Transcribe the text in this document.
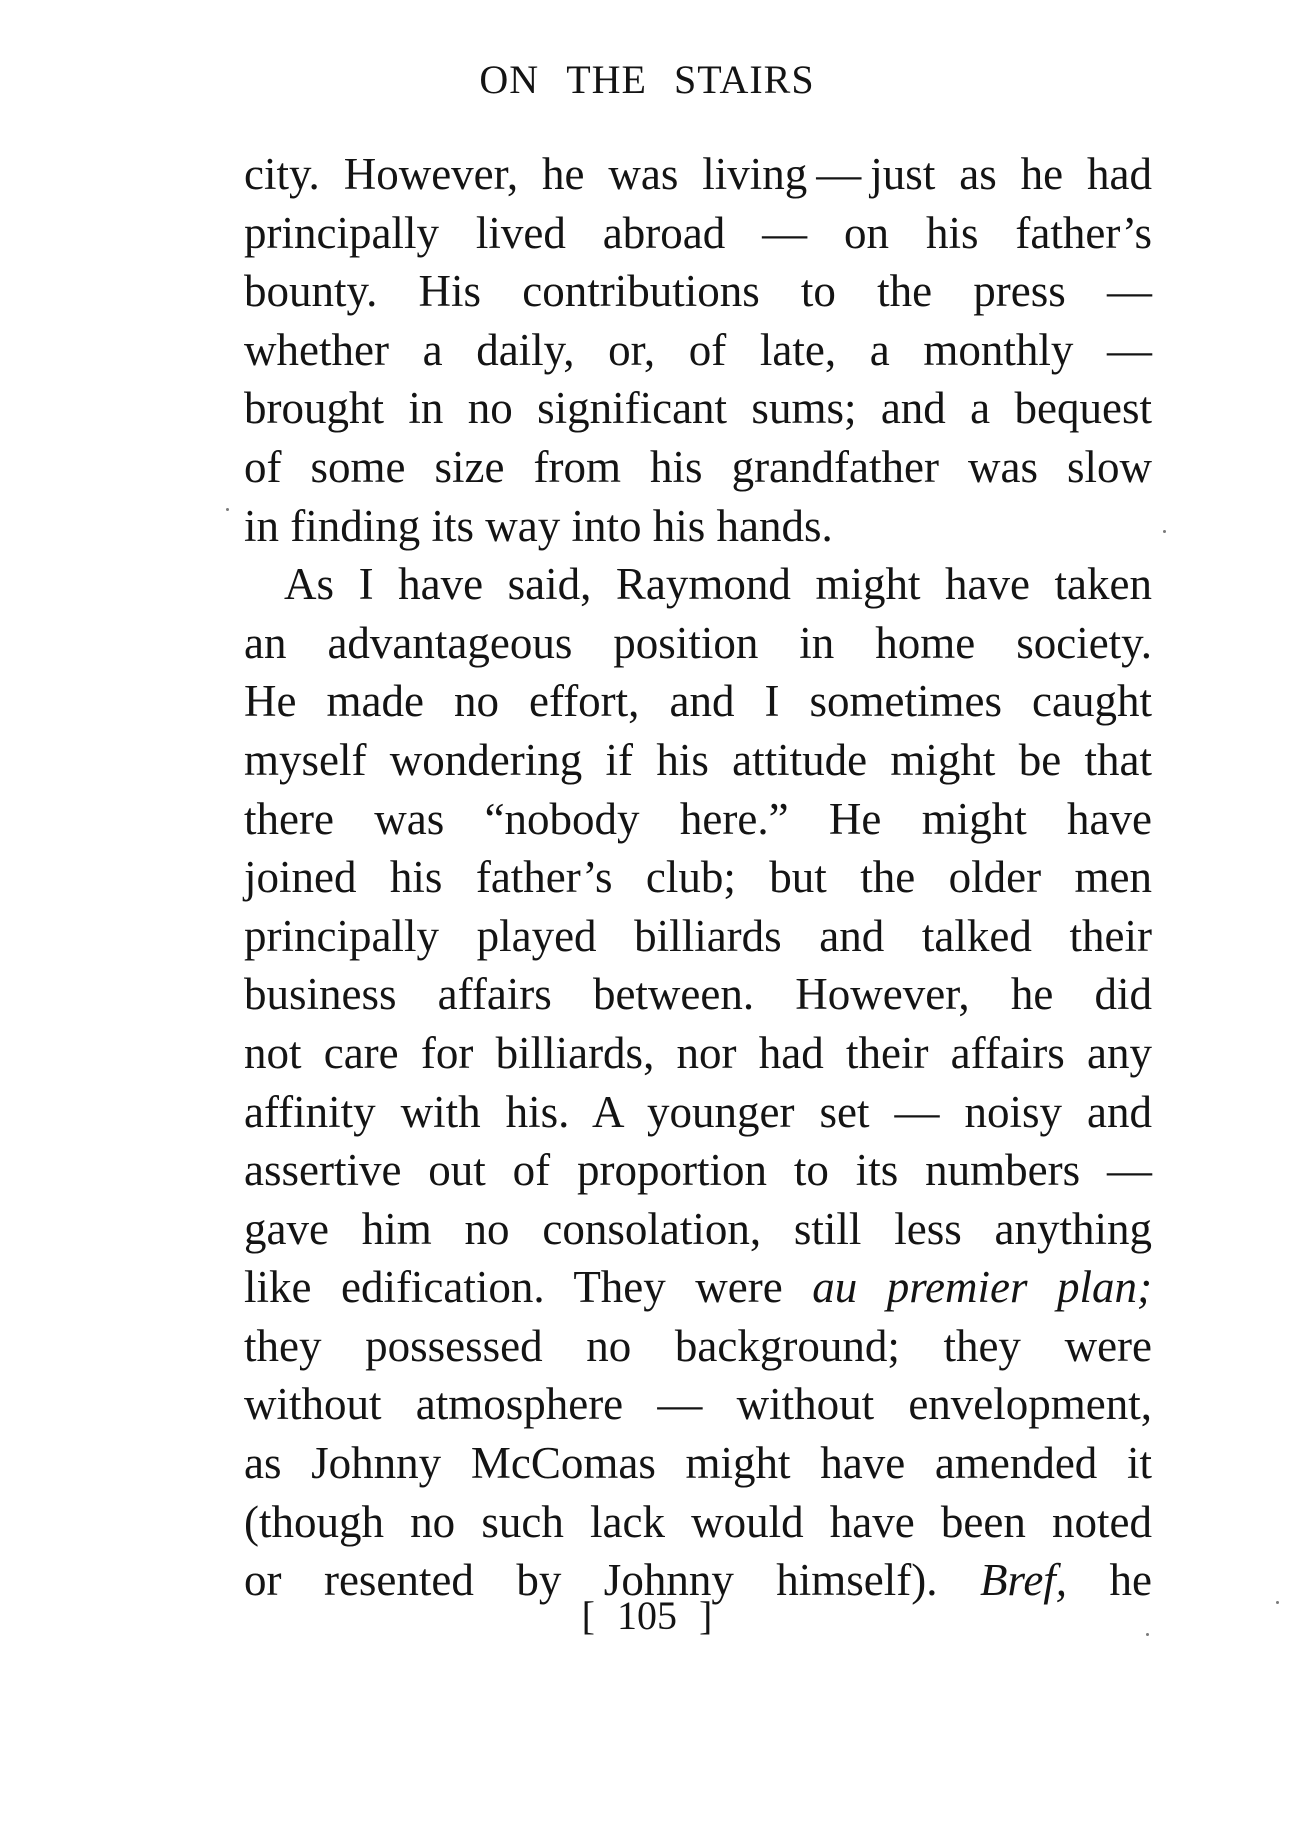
ON THE STAIRS
city. However, he was living — just as he had
principally lived abroad — on his father’s
bounty. His contributions to the press —
whether a daily, or, of late, a monthly —
brought in no significant sums; and a bequest
of some size from his grandfather was slow
in finding its way into his hands.
As I have said, Raymond might have taken
an advantageous position in home society.
He made no effort, and I sometimes caught
myself wondering if his attitude might be that
there was “nobody here.” He might have
joined his father’s club; but the older men
principally played billiards and talked their
business affairs between. However, he did
not care for billiards, nor had their affairs any
affinity with his. A younger set — noisy and
assertive out of proportion to its numbers —
gave him no consolation, still less anything
like edification. They were au premier plan;
they possessed no background; they were
without atmosphere — without envelopment,
as Johnny McComas might have amended it
(though no such lack would have been noted
or resented by Johnny himself). Bref, he
[ 105 ]
